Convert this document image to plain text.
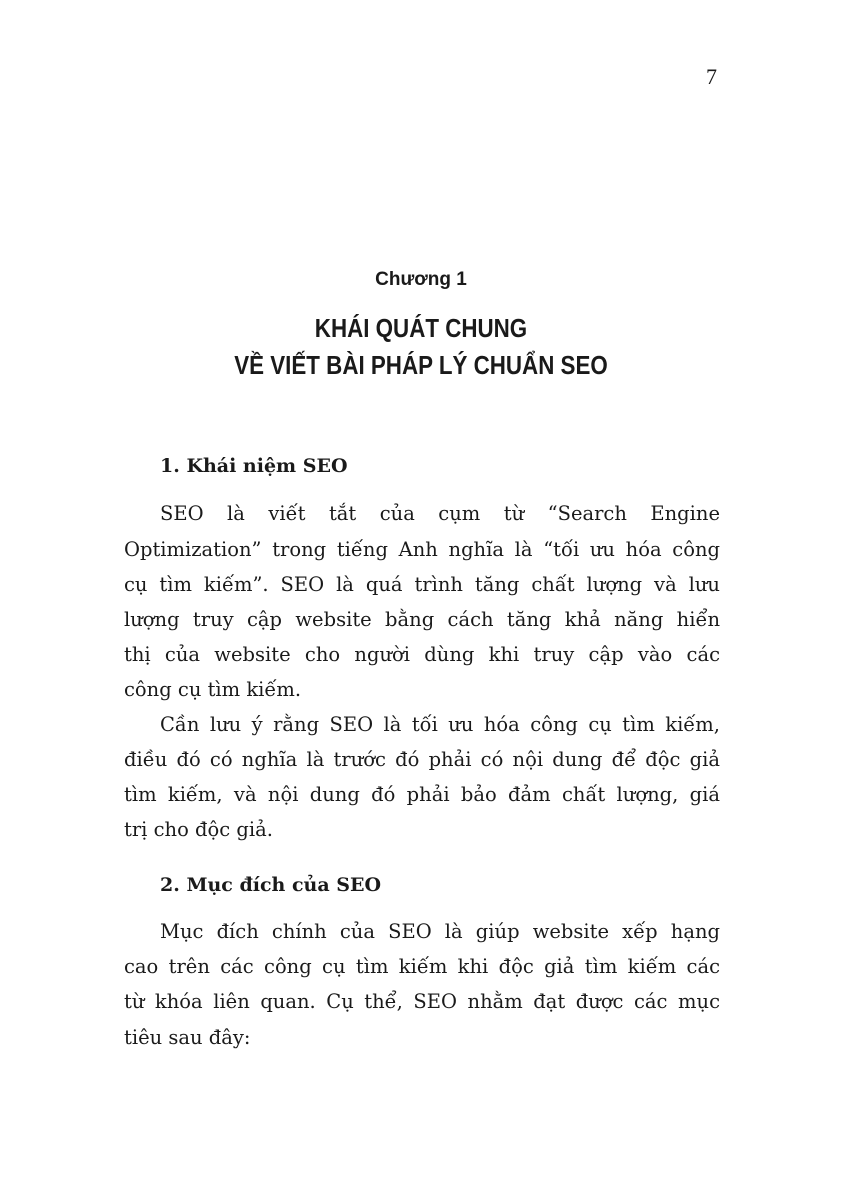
7
Chương 1
KHÁI QUÁT CHUNG
VỀ VIẾT BÀI PHÁP LÝ CHUẨN SEO
1. Khái niệm SEO
SEO là viết tắt của cụm từ “Search Engine
Optimization” trong tiếng Anh nghĩa là “tối ưu hóa công
cụ tìm kiếm”. SEO là quá trình tăng chất lượng và lưu
lượng truy cập website bằng cách tăng khả năng hiển
thị của website cho người dùng khi truy cập vào các
công cụ tìm kiếm.
Cần lưu ý rằng SEO là tối ưu hóa công cụ tìm kiếm,
điều đó có nghĩa là trước đó phải có nội dung để độc giả
tìm kiếm, và nội dung đó phải bảo đảm chất lượng, giá
trị cho độc giả.
2. Mục đích của SEO
Mục đích chính của SEO là giúp website xếp hạng
cao trên các công cụ tìm kiếm khi độc giả tìm kiếm các
từ khóa liên quan. Cụ thể, SEO nhằm đạt được các mục
tiêu sau đây:
